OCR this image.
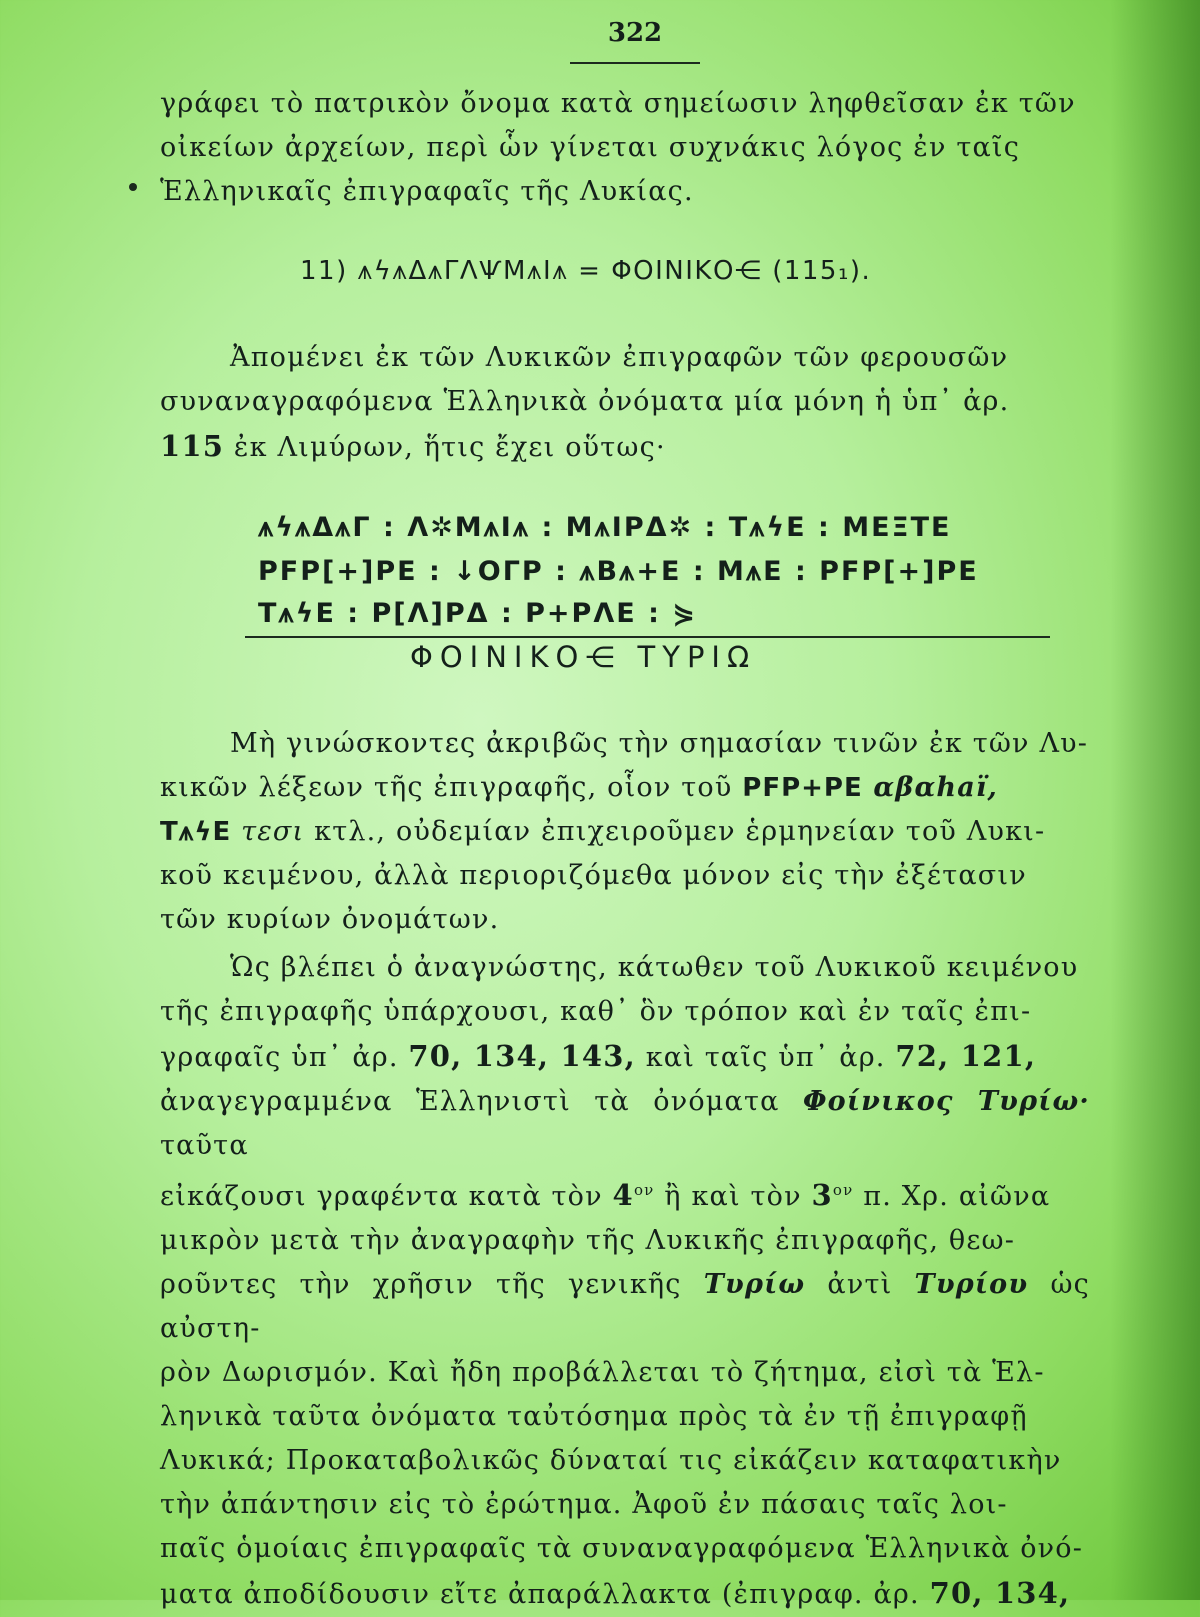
322

γράφει τὸ πατρικὸν ὄνομα κατὰ σημείωσιν ληφθεῖσαν ἐκ τῶν

οἰκείων ἀρχείων, περὶ ὧν γίνεται συχνάκις λόγος ἐν ταῖς

Ἑλληνικαῖς ἐπιγραφαῖς τῆς Λυκίας.

11) ⩚ϟ⩚Δ⩚ΓΛѰΜ⩚Ι⩚ = ΦΟΙΝΙΚΟ⋲ (115₁).

Ἀπομένει ἐκ τῶν Λυκικῶν ἐπιγραφῶν τῶν φερουσῶν

συναναγραφόμενα Ἑλληνικὰ ὀνόματα μία μόνη ἡ ὑπ᾽ ἀρ.

115 ἐκ Λιμύρων, ἥτις ἔχει οὕτως·

⩚ϟ⩚Δ⩚Γ : Λ✲Μ⩚Ι⩚ : Μ⩚ΙΡΔ✲ : Τ⩚ϟΕ : ΜΕΞΤΕ
ΡFΡ[+]ΡΕ : ↓ΟΓΡ : ⩚Β⩚+Ε : Μ⩚Ε : ΡFΡ[+]ΡΕ
Τ⩚ϟΕ : Ρ[Λ]ΡΔ : Ρ+ΡΛΕ : ⋟
ΦΟΙΝΙΚΟ⋲ ΤΥΡΙΩ

Μὴ γινώσκοντες ἀκριβῶς τὴν σημασίαν τινῶν ἐκ τῶν Λυ-

κικῶν λέξεων τῆς ἐπιγραφῆς, οἷον τοῦ ΡFΡ+ΡΕ αβαhaï,

Τ⩚ϟΕ τεσι κτλ., οὐδεμίαν ἐπιχειροῦμεν ἑρμηνείαν τοῦ Λυκι-

κοῦ κειμένου, ἀλλὰ περιοριζόμεθα μόνον εἰς τὴν ἐξέτασιν

τῶν κυρίων ὀνομάτων.

Ὡς βλέπει ὁ ἀναγνώστης, κάτωθεν τοῦ Λυκικοῦ κειμένου

τῆς ἐπιγραφῆς ὑπάρχουσι, καθ᾽ ὃν τρόπον καὶ ἐν ταῖς ἐπι-

γραφαῖς ὑπ᾽ ἀρ. 70, 134, 143, καὶ ταῖς ὑπ᾽ ἀρ. 72, 121,

ἀναγεγραμμένα Ἑλληνιστὶ τὰ ὀνόματα Φοίνικος Τυρίω· ταῦτα

εἰκάζουσι γραφέντα κατὰ τὸν $4^{o\nu}$ ἢ καὶ τὸν $3^{o\nu}$ π. Χρ. αἰῶνα

μικρὸν μετὰ τὴν ἀναγραφὴν τῆς Λυκικῆς ἐπιγραφῆς, θεω-

ροῦντες τὴν χρῆσιν τῆς γενικῆς Τυρίω ἀντὶ Τυρίου ὡς αὐστη-

ρὸν Δωρισμόν. Καὶ ἤδη προβάλλεται τὸ ζήτημα, εἰσὶ τὰ Ἑλ-

ληνικὰ ταῦτα ὀνόματα ταὐτόσημα πρὸς τὰ ἐν τῇ ἐπιγραφῇ

Λυκικά; Προκαταβολικῶς δύναταί τις εἰκάζειν καταφατικὴν

τὴν ἀπάντησιν εἰς τὸ ἐρώτημα. Ἀφοῦ ἐν πάσαις ταῖς λοι-

παῖς ὁμοίαις ἐπιγραφαῖς τὰ συναναγραφόμενα Ἑλληνικὰ ὀνό-

ματα ἀποδίδουσιν εἴτε ἀπαράλλακτα (ἐπιγραφ. ἀρ. 70, 134,
